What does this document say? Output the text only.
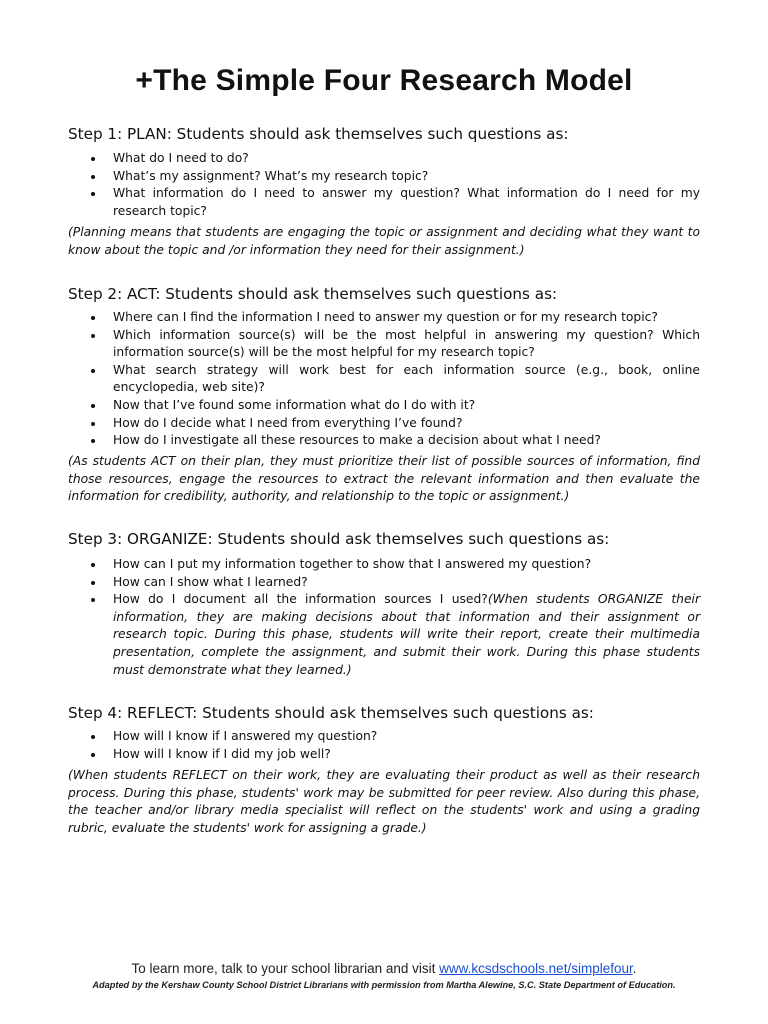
+The Simple Four Research Model
Step 1: PLAN: Students should ask themselves such questions as:
What do I need to do?
What’s my assignment? What’s my research topic?
What information do I need to answer my question? What information do I need for my research topic?

(Planning means that students are engaging the topic or assignment and deciding what they want to know about the topic and /or information they need for their assignment.)

Step 2: ACT: Students should ask themselves such questions as:
Where can I find the information I need to answer my question or for my research topic?
Which information source(s) will be the most helpful in answering my question? Which information source(s) will be the most helpful for my research topic?
What search strategy will work best for each information source (e.g., book, online encyclopedia, web site)?
Now that I’ve found some information what do I do with it?
How do I decide what I need from everything I’ve found?
How do I investigate all these resources to make a decision about what I need?

(As students ACT on their plan, they must prioritize their list of possible sources of information, find those resources, engage the resources to extract the relevant information and then evaluate the information for credibility, authority, and relationship to the topic or assignment.)

Step 3: ORGANIZE: Students should ask themselves such questions as:
How can I put my information together to show that I answered my question?
How can I show what I learned?
How do I document all the information sources I used?(When students ORGANIZE their information, they are making decisions about that information and their assignment or research topic. During this phase, students will write their report, create their multimedia presentation, complete the assignment, and submit their work. During this phase students must demonstrate what they learned.)
Step 4: REFLECT: Students should ask themselves such questions as:
How will I know if I answered my question?
How will I know if I did my job well?

(When students REFLECT on their work, they are evaluating their product as well as their research process. During this phase, students' work may be submitted for peer review. Also during this phase, the teacher and/or library media specialist will reflect on the students' work and using a grading rubric, evaluate the students' work for assigning a grade.)

To learn more, talk to your school librarian and visit www.kcsdschools.net/simplefour.

Adapted by the Kershaw County School District Librarians with permission from Martha Alewine, S.C. State Department of Education.
